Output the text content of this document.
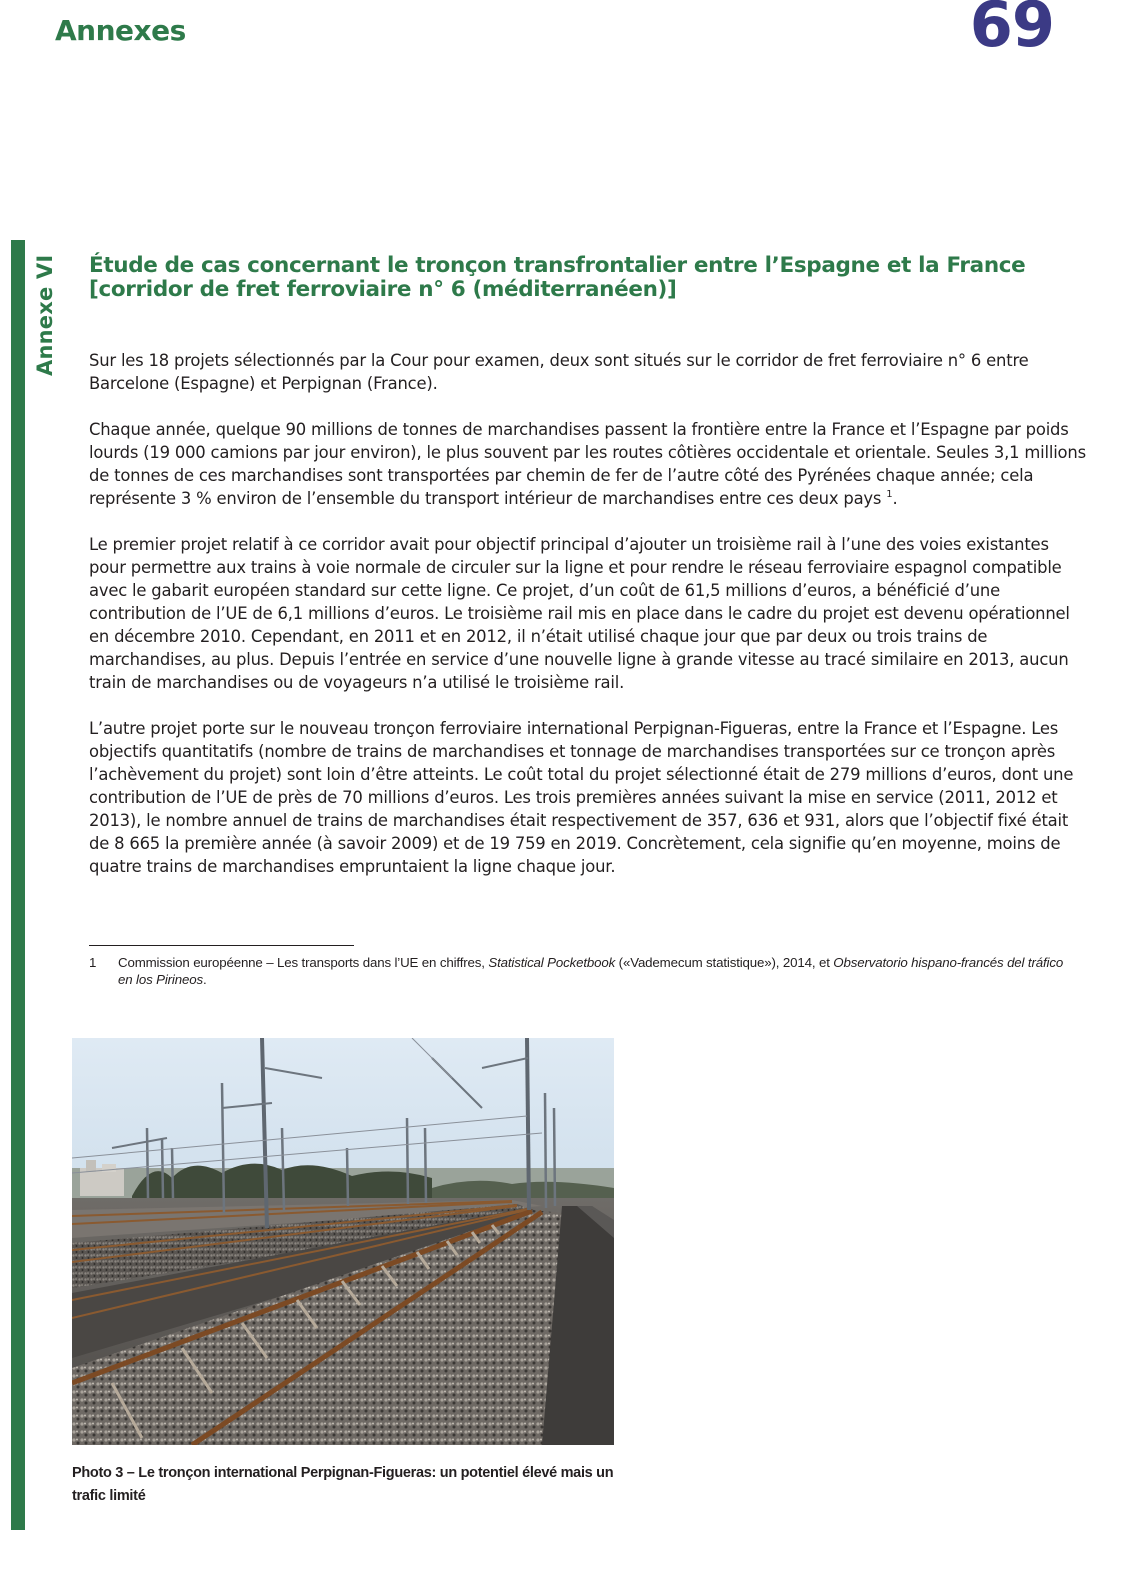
Annexes	69
Annexe VI Étude de cas concernant le tronçon transfrontalier entre l’Espagne et la France [corridor de fret ferroviaire n° 6 (méditerranéen)]

Sur les 18 projets sélectionnés par la Cour pour examen, deux sont situés sur le corridor de fret ferroviaire n° 6 entre Barcelone (Espagne) et Perpignan (France).

Chaque année, quelque 90 millions de tonnes de marchandises passent la frontière entre la France et l’Espagne par poids lourds (19 000 camions par jour environ), le plus souvent par les routes côtières occidentale et orientale. Seules 3,1 millions de tonnes de ces marchandises sont transportées par chemin de fer de l’autre côté des Pyrénées chaque année; cela représente 3 % environ de l’ensemble du transport intérieur de marchandises entre ces deux pays $^1$.

Le premier projet relatif à ce corridor avait pour objectif principal d’ajouter un troisième rail à l’une des voies existantes pour permettre aux trains à voie normale de circuler sur la ligne et pour rendre le réseau ferroviaire espagnol compatible avec le gabarit européen standard sur cette ligne. Ce projet, d’un coût de 61,5 millions d’euros, a bénéficié d’une contribution de l’UE de 6,1 millions d’euros. Le troisième rail mis en place dans le cadre du projet est devenu opérationnel en décembre 2010. Cependant, en 2011 et en 2012, il n’était utilisé chaque jour que par deux ou trois trains de marchandises, au plus. Depuis l’entrée en service d’une nouvelle ligne à grande vitesse au tracé similaire en 2013, aucun train de marchandises ou de voyageurs n’a utilisé le troisième rail.

L’autre projet porte sur le nouveau tronçon ferroviaire international Perpignan-Figueras, entre la France et l’Espagne. Les objectifs quantitatifs (nombre de trains de marchandises et tonnage de marchandises transportées sur ce tronçon après l’achèvement du projet) sont loin d’être atteints. Le coût total du projet sélectionné était de 279 millions d’euros, dont une contribution de l’UE de près de 70 millions d’euros. Les trois premières années suivant la mise en service (2011, 2012 et 2013), le nombre annuel de trains de marchandises était respectivement de 357, 636 et 931, alors que l’objectif fixé était de 8 665 la première année (à savoir 2009) et de 19 759 en 2019. Concrètement, cela signifie qu’en moyenne, moins de quatre trains de marchandises empruntaient la ligne chaque jour.

1 Commission européenne – Les transports dans l’UE en chiffres, Statistical Pocketbook («Vademecum statistique»), 2014, et Observatorio hispano-francés del tráfico en los Pirineos.
Photo 3 – Le tronçon international Perpignan-Figueras: un potentiel élevé mais un trafic limité
